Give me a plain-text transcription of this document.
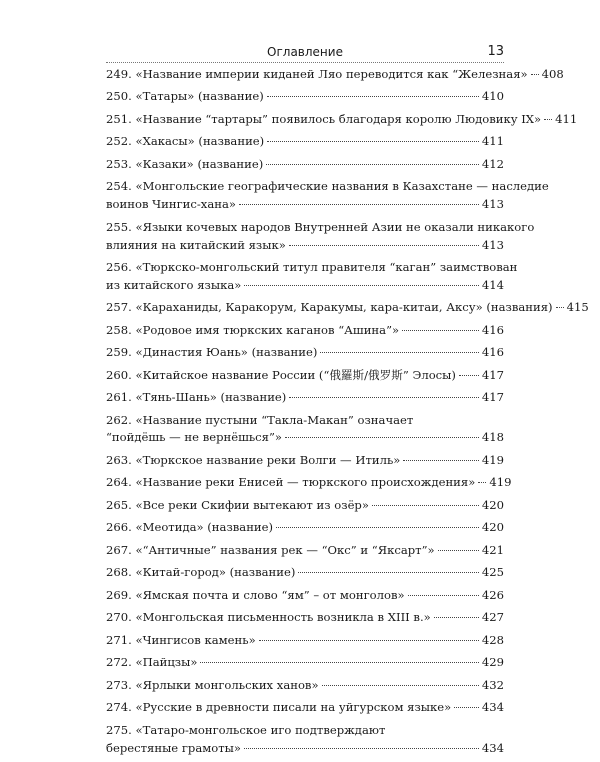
Оглавление	13
249. «Название империи киданей Ляо переводится как “Железная» 408
250. «Татары» (название)	410
251. «Название “тартары” появилось благодаря королю Людовику IX» 411
252. «Хакасы» (название)	411
253. «Казаки» (название)	412
254. «Монгольские географические названия в Казахстане — наследие
воинов Чингис-хана»	413
255. «Языки кочевых народов Внутренней Азии не оказали никакого
влияния на китайский язык»	413
256. «Тюркско-монгольский титул правителя “каган” заимствован
из китайского языка»	414
257. «Караханиды, Каракорум, Каракумы, кара-китаи, Аксу» (названия) 415
258. «Родовое имя тюркских каганов “Ашина”»	416
259. «Династия Юань» (название)	416
260. «Китайское название России (“俄羅斯/俄罗斯” Элосы) 417
261. «Тянь-Шань» (название)	417
262. «Название пустыни “Такла-Макан” означает
“пойдёшь — не вернёшься”»	418
263. «Тюркское название реки Волги — Итиль»	419
264. «Название реки Енисей — тюркского происхождения» 419
265. «Все реки Скифии вытекают из озёр»	420
266. «Меотида» (название)	420
267. «“Античные” названия рек — “Окс” и “Яксарт”»	421
268. «Китай-город» (название)	425
269. «Ямская почта и слово “ям” – от монголов»	426
270. «Монгольская письменность возникла в XIII в.»	427
271. «Чингисов камень»	428
272. «Пайцзы»	429
273. «Ярлыки монгольских ханов»	432
274. «Русские в древности писали на уйгурском языке»	434
275. «Татаро-монгольское иго подтверждают
берестяные грамоты»	434
